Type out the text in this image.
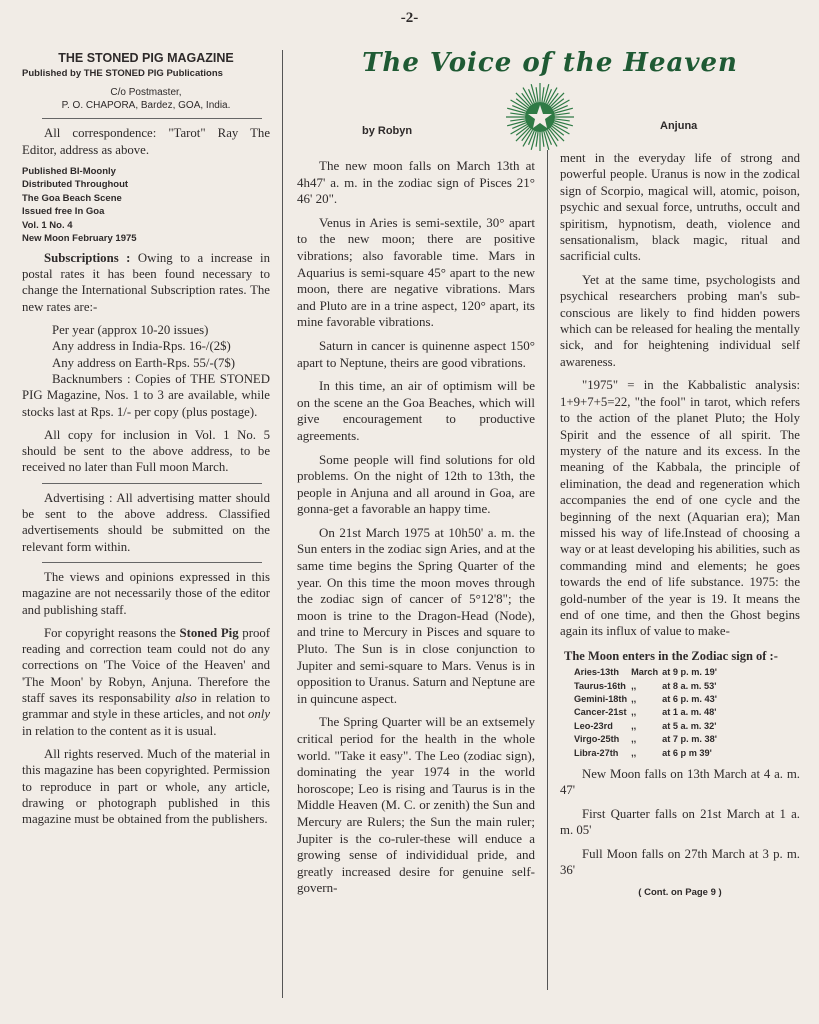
-2-
THE STONED PIG MAGAZINE
Published by THE STONED PIG Publications
C/o Postmaster,
P. O. CHAPORA, Bardez, GOA, India.

All correspondence: "Tarot" Ray The Editor, address as above.

Published BI-Moonly
Distributed Throughout
The Goa Beach Scene
Issued free In Goa
Vol. 1 No. 4
New Moon February 1975

Subscriptions : Owing to a increase in postal rates it has been found necessary to change the International Subscription rates. The new rates are:-

Per year (approx 10-20 issues)

Any address in India-Rps. 16-/(2$)

Any address on Earth-Rps. 55/-(7$)

Backnumbers : Copies of THE STONED PIG Magazine, Nos. 1 to 3 are available, while stocks last at Rps. 1/- per copy (plus postage).

All copy for inclusion in Vol. 1 No. 5 should be sent to the above address, to be received no later than Full moon March.

Advertising : All advertising matter should be sent to the above address. Classified advertisements should be submitted on the relevant form within.

The views and opinions expressed in this magazine are not necessarily those of the editor and publishing staff.

For copyright reasons the Stoned Pig proof reading and correction team could not do any corrections on 'The Voice of the Heaven' and 'The Moon' by Robyn, Anjuna. Therefore the staff saves its responsability also in relation to grammar and style in these articles, and not only in relation to the content as it is usual.

All rights reserved. Much of the material in this magazine has been copyrighted. Permission to reproduce in part or whole, any article, drawing or photograph published in this magazine must be obtained from the publishers.

The Voice of the Heaven
by Robyn	Anjuna

The new moon falls on March 13th at 4h47' a. m. in the zodiac sign of Pisces 21° 46' 20".

Venus in Aries is semi-sextile, 30° apart to the new moon; there are positive vibrations; also favorable time. Mars in Aquarius is semi-square 45° apart to the new moon, there are negative vibrations. Mars and Pluto are in a trine aspect, 120° apart, its mine favorable vibrations.

Saturn in cancer is quinenne aspect 150° apart to Neptune, theirs are good vibrations.

In this time, an air of optimism will be on the scene an the Goa Beaches, which will give encouragement to productive agreements.

Some people will find solutions for old problems. On the night of 12th to 13th, the people in Anjuna and all around in Goa, are gonna-get a favorable an happy time.

On 21st March 1975 at 10h50' a. m. the Sun enters in the zodiac sign Aries, and at the same time begins the Spring Quarter of the year. On this time the moon moves through the zodiac sign of cancer of 5°12'8"; the moon is trine to the Dragon-Head (Node), and trine to Mercury in Pisces and square to Pluto. The Sun is in close conjunction to Jupiter and semi-square to Mars. Venus is in opposition to Uranus. Saturn and Neptune are in quincune aspect.

The Spring Quarter will be an extsemely critical period for the health in the whole world. "Take it easy". The Leo (zodiac sign), dominating the year 1974 in the world horoscope; Leo is rising and Taurus is in the Middle Heaven (M. C. or zenith) the Sun and Mercury are Rulers; the Sun the main ruler; Jupiter is the co-ruler-these will enduce a growing sense of individidual pride, and greatly increased desire for genuine self-govern-

ment in the everyday life of strong and powerful people. Uranus is now in the zodical sign of Scorpio, magical will, atomic, poison, psychic and sexual force, untruths, occult and spiritism, hypnotism, death, violence and sensationalism, black magic, ritual and sacrificial cults.

Yet at the same time, psychologists and psychical researchers probing man's sub-conscious are likely to find hidden powers which can be released for healing the mentally sick, and for heightening individual self awareness.

"1975" = in the Kabbalistic analysis: 1+9+7+5=22, "the fool" in tarot, which refers to the action of the planet Pluto; the Holy Spirit and the essence of all spirit. The mystery of the nature and its excess. In the meaning of the Kabbala, the principle of elimination, the dead and regeneration which accompanies the end of one cycle and the beginning of the next (Aquarian era); Man missed his way of life.Instead of choosing a way or at least developing his abilities, such as commanding mind and elements; he goes towards the end of life substance. 1975: the gold-number of the year is 19. It means the end of one time, and then the Ghost begins again its influx of value to make-

The Moon enters in the Zodiac sign of :-
Aries-13th	March	at 9 p. m. 19'
Taurus-16th	,,	at 8 a. m. 53'
Gemini-18th	,,	at 6 p. m. 43'
Cancer-21st	,,	at 1 a. m. 48'
Leo-23rd	,,	at 5 a. m. 32'
Virgo-25th	,,	at 7 p. m. 38'
Libra-27th	,,	at 6 p m 39'

New Moon falls on 13th March at 4 a. m. 47'

First Quarter falls on 21st March at 1 a. m. 05'

Full Moon falls on 27th March at 3 p. m. 36'

( Cont. on Page 9 )
